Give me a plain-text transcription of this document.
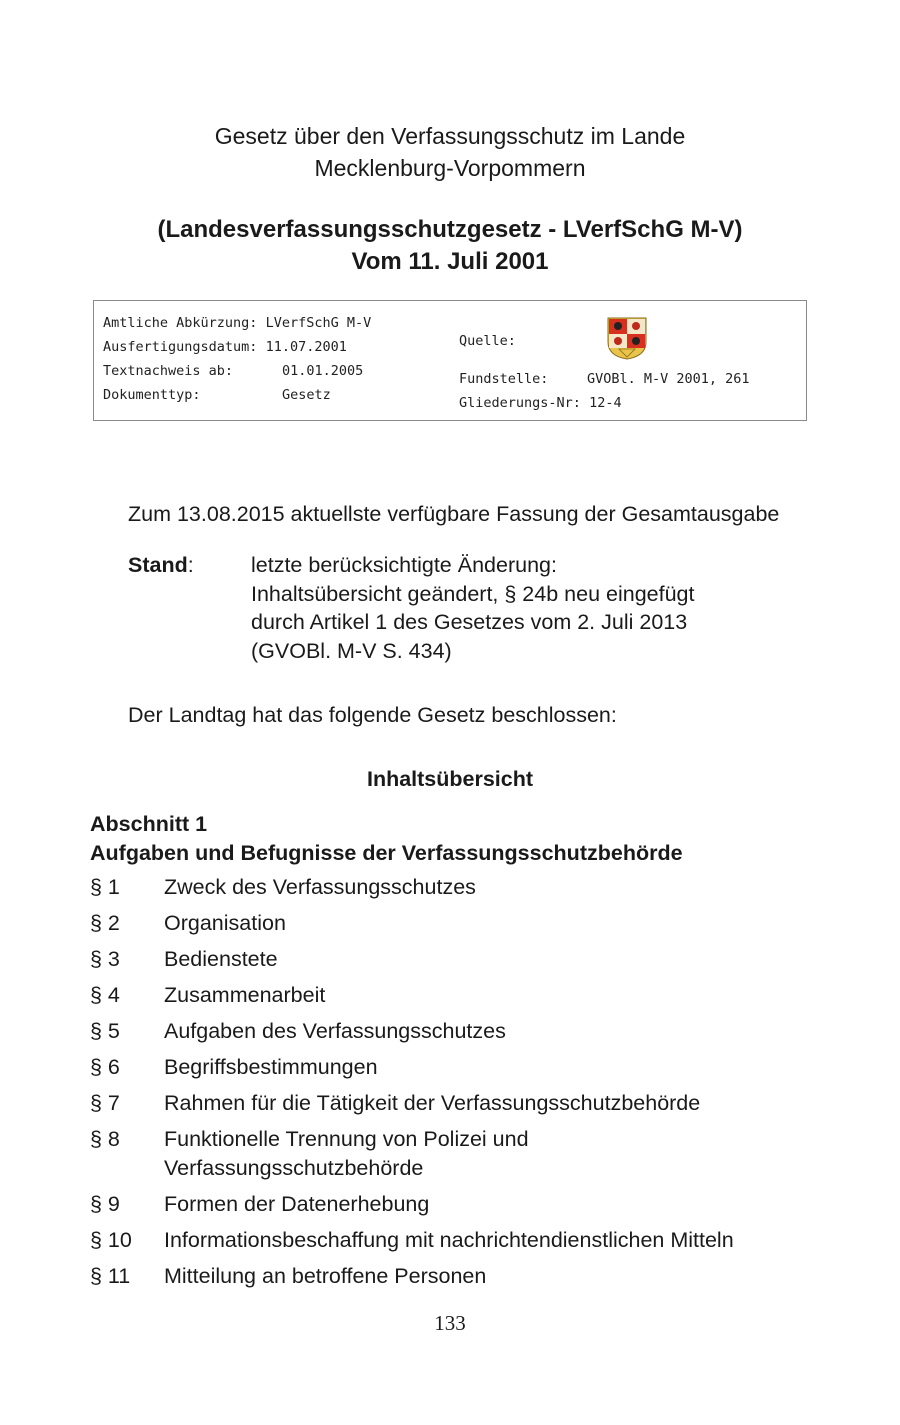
Gesetz über den Verfassungsschutz im Lande
Mecklenburg-Vorpommern
(Landesverfassungsschutzgesetz - LVerfSchG M-V)
Vom 11. Juli 2001
Amtliche Abkürzung: LVerfSchG M-V
Ausfertigungsdatum: 11.07.2001
Textnachweis ab:	01.01.2005
Dokumenttyp:	Gesetz
Quelle:
Fundstelle:	GVOBl. M-V 2001, 261
Gliederungs-Nr: 12-4
Zum 13.08.2015 aktuellste verfügbare Fassung der Gesamtausgabe
Stand:	letzte berücksichtigte Änderung:
Inhaltsübersicht geändert, § 24b neu eingefügt
durch Artikel 1 des Gesetzes vom 2. Juli 2013
(GVOBl. M-V S. 434)
Der Landtag hat das folgende Gesetz beschlossen:
Inhaltsübersicht
Abschnitt 1
Aufgaben und Befugnisse der Verfassungsschutzbehörde
§ 1	Zweck des Verfassungsschutzes
§ 2	Organisation
§ 3	Bedienstete
§ 4	Zusammenarbeit
§ 5	Aufgaben des Verfassungsschutzes
§ 6	Begriffsbestimmungen
§ 7	Rahmen für die Tätigkeit der Verfassungsschutzbehörde
§ 8	Funktionelle Trennung von Polizei und
Verfassungsschutzbehörde
§ 9	Formen der Datenerhebung
§ 10	Informationsbeschaffung mit nachrichtendienstlichen Mitteln
§ 11	Mitteilung an betroffene Personen
133
